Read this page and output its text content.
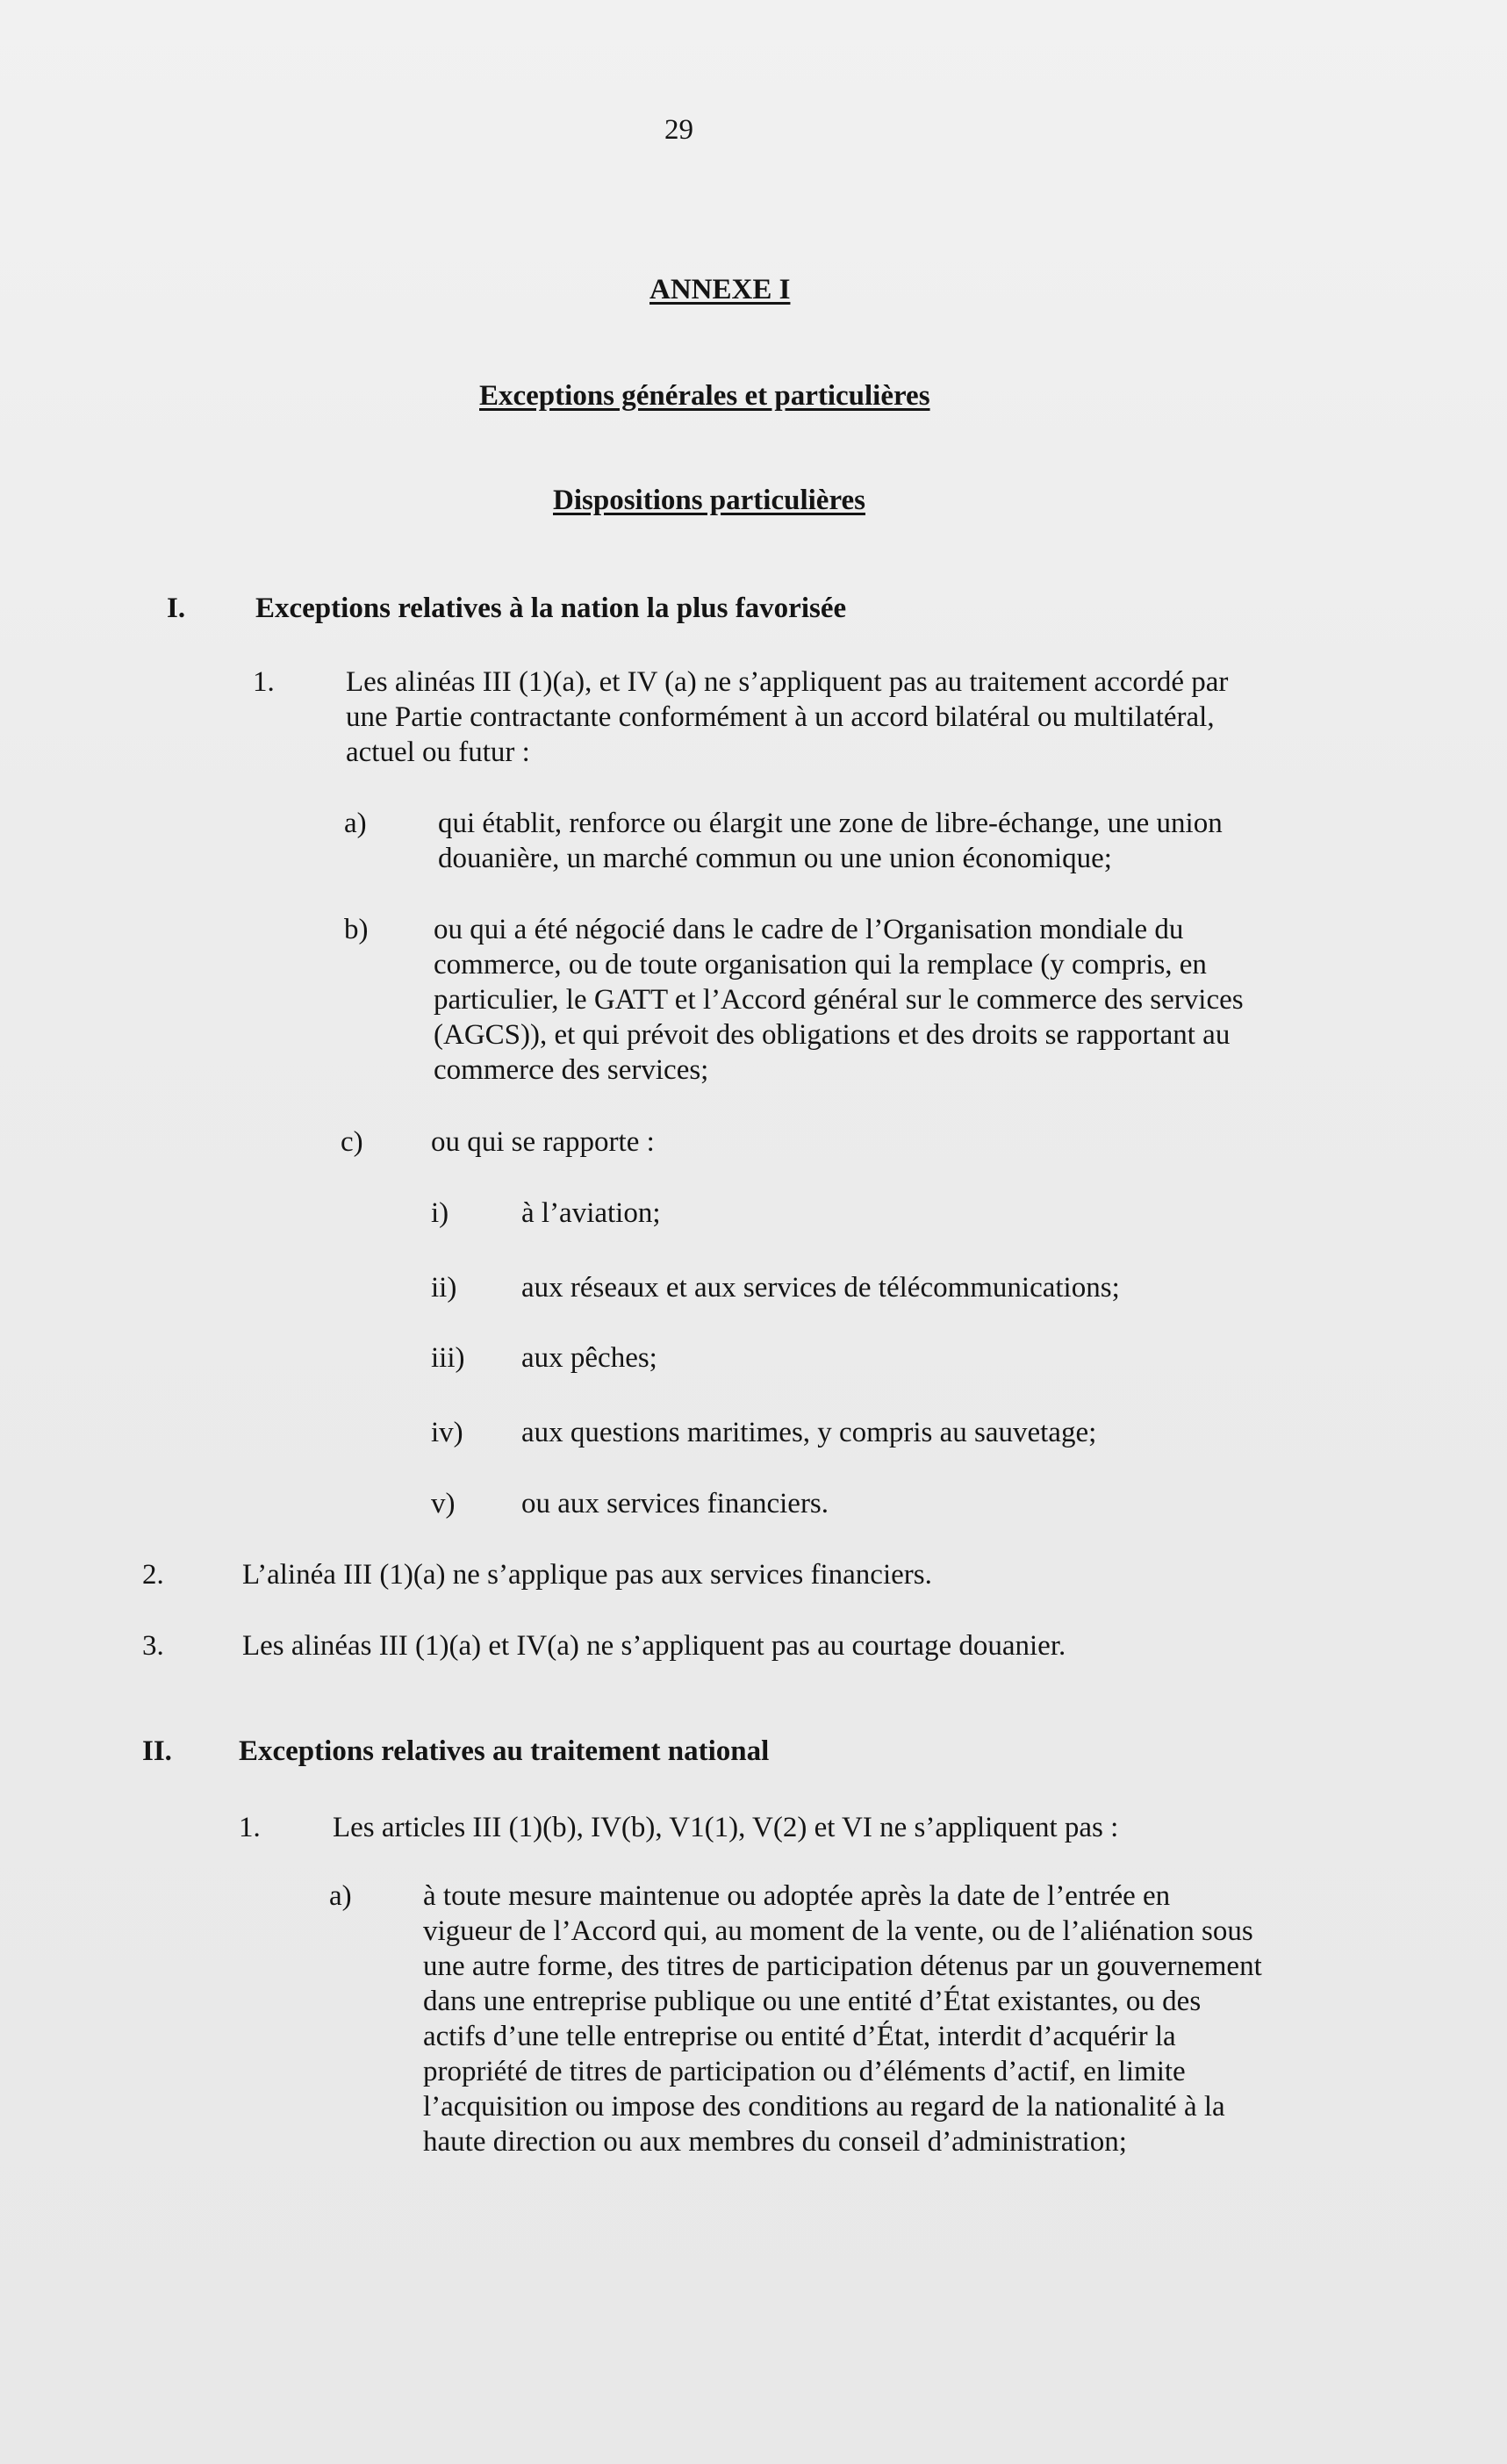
29

ANNEXE I

Exceptions générales et particulières

Dispositions particulières

I. Exceptions relatives à la nation la plus favorisée

1. Les alinéas III (1)(a), et IV (a) ne s’appliquent pas au traitement accordé par une Partie contractante conformément à un accord bilatéral ou multilatéral, actuel ou futur :

a) qui établit, renforce ou élargit une zone de libre-échange, une union douanière, un marché commun ou une union économique;

b) ou qui a été négocié dans le cadre de l’Organisation mondiale du commerce, ou de toute organisation qui la remplace (y compris, en particulier, le GATT et l’Accord général sur le commerce des services (AGCS)), et qui prévoit des obligations et des droits se rapportant au commerce des services;

c) ou qui se rapporte :

i)	à l’aviation;

ii) aux réseaux et aux services de télécommunications;

iii) aux pêches;

iv) aux questions maritimes, y compris au sauvetage;

v) ou aux services financiers.

2.	L’alinéa III (1)(a) ne s’applique pas aux services financiers.

3.	Les alinéas III (1)(a) et IV(a) ne s’appliquent pas au courtage douanier.

II. Exceptions relatives au traitement national

1. Les articles III (1)(b), IV(b), V1(1), V(2) et VI ne s’appliquent pas :

a) à toute mesure maintenue ou adoptée après la date de l’entrée en vigueur de l’Accord qui, au moment de la vente, ou de l’aliénation sous une autre forme, des titres de participation détenus par un gouvernement dans une entreprise publique ou une entité d’État existantes, ou des actifs d’une telle entreprise ou entité d’État, interdit d’acquérir la propriété de titres de participation ou d’éléments d’actif, en limite l’acquisition ou impose des conditions au regard de la nationalité à la haute direction ou aux membres du conseil d’administration;
